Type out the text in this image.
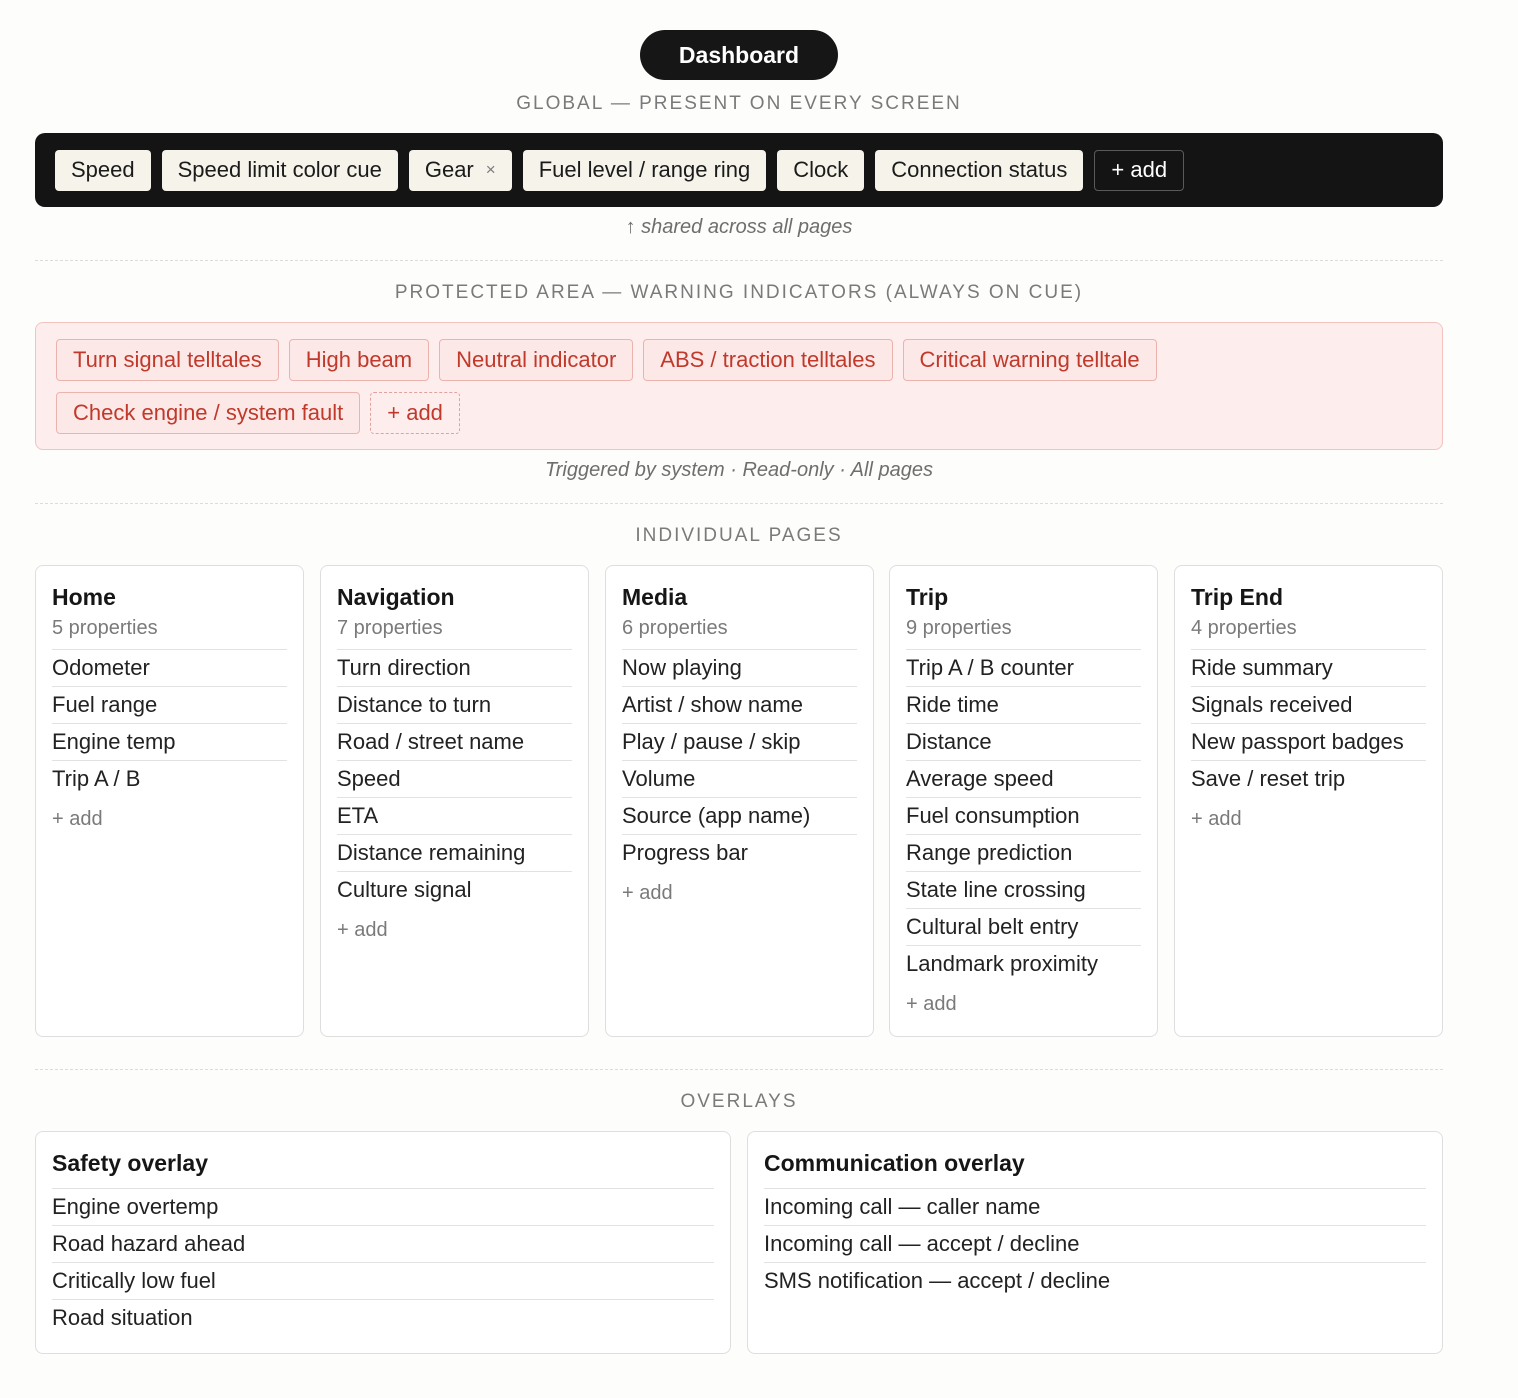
Dashboard
GLOBAL — PRESENT ON EVERY SCREEN
Speed Speed limit color cue Gear × Fuel level / range ring Clock Connection status	+ add
↑ shared across all pages
PROTECTED AREA — WARNING INDICATORS (ALWAYS ON CUE)
Turn signal telltales	High beam	Neutral indicator	ABS / traction telltales	Critical warning telltale
Check engine / system fault	+ add
Triggered by system · Read-only · All pages
INDIVIDUAL PAGES
Home
5 properties
Odometer
Fuel range
Engine temp
Trip A / B
+ add
Navigation
7 properties
Turn direction
Distance to turn
Road / street name
Speed
ETA
Distance remaining
Culture signal
+ add
Media
6 properties
Now playing
Artist / show name
Play / pause / skip
Volume
Source (app name)
Progress bar
+ add
Trip
9 properties
Trip A / B counter
Ride time
Distance
Average speed
Fuel consumption
Range prediction
State line crossing
Cultural belt entry
Landmark proximity
+ add
Trip End
4 properties
Ride summary
Signals received
New passport badges
Save / reset trip
+ add
OVERLAYS
Safety overlay
Engine overtemp
Road hazard ahead
Critically low fuel
Road situation
Communication overlay
Incoming call — caller name
Incoming call — accept / decline
SMS notification — accept / decline
